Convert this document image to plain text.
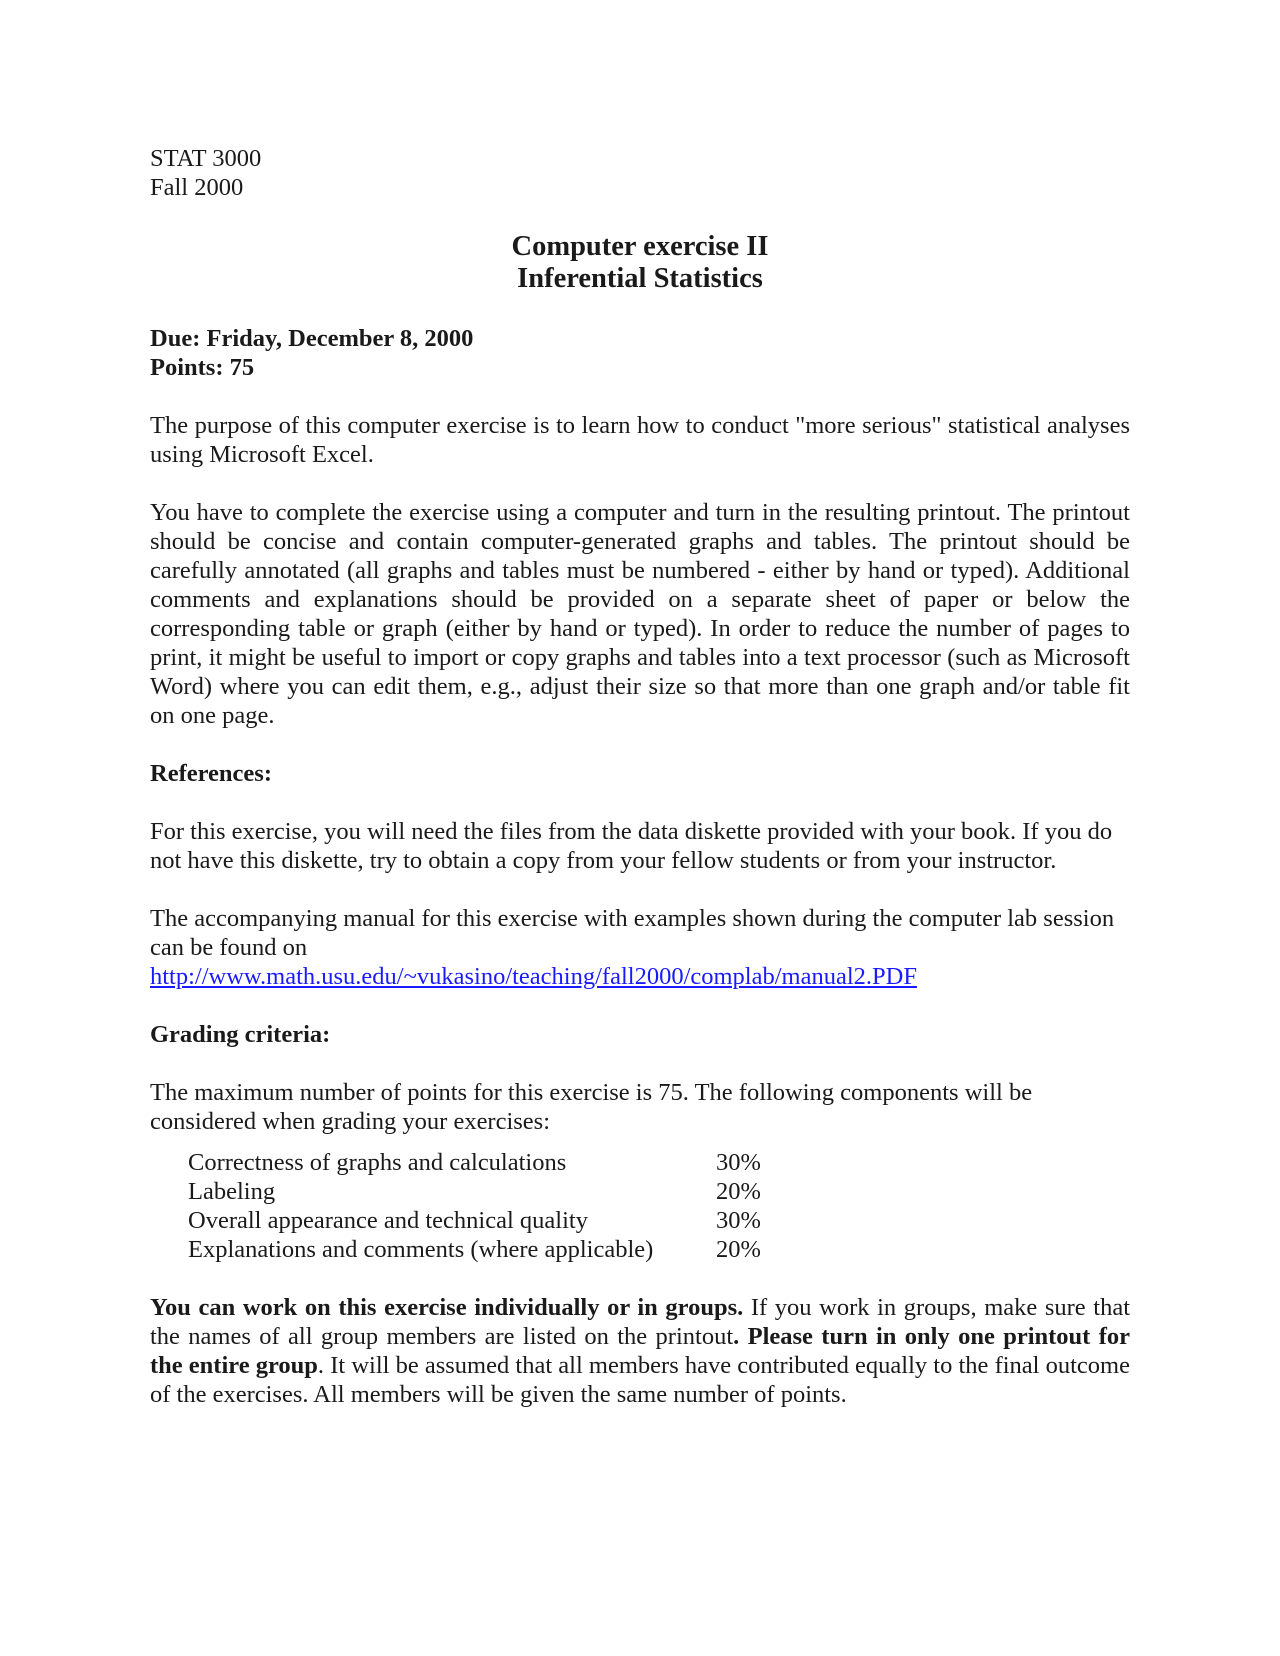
STAT 3000
Fall 2000
Computer exercise II
Inferential Statistics
Due: Friday, December 8, 2000
Points: 75

The purpose of this computer exercise is to learn how to conduct "more serious" statistical analyses using Microsoft Excel.

You have to complete the exercise using a computer and turn in the resulting printout. The printout should be concise and contain computer-generated graphs and tables. The printout should be carefully annotated (all graphs and tables must be numbered - either by hand or typed). Additional comments and explanations should be provided on a separate sheet of paper or below the corresponding table or graph (either by hand or typed). In order to reduce the number of pages to print, it might be useful to import or copy graphs and tables into a text processor (such as Microsoft Word) where you can edit them, e.g., adjust their size so that more than one graph and/or table fit on one page.

References:

For this exercise, you will need the files from the data diskette provided with your book. If you do not have this diskette, try to obtain a copy from your fellow students or from your instructor.

The accompanying manual for this exercise with examples shown during the computer lab session can be found on
http://www.math.usu.edu/~vukasino/teaching/fall2000/complab/manual2.PDF
Grading criteria:

The maximum number of points for this exercise is 75. The following components will be considered when grading your exercises:

Correctness of graphs and calculations	30%
Labeling	20%
Overall appearance and technical quality	30%
Explanations and comments (where applicable)	20%

You can work on this exercise individually or in groups. If you work in groups, make sure that the names of all group members are listed on the printout. Please turn in only one printout for the entire group. It will be assumed that all members have contributed equally to the final outcome of the exercises. All members will be given the same number of points.
